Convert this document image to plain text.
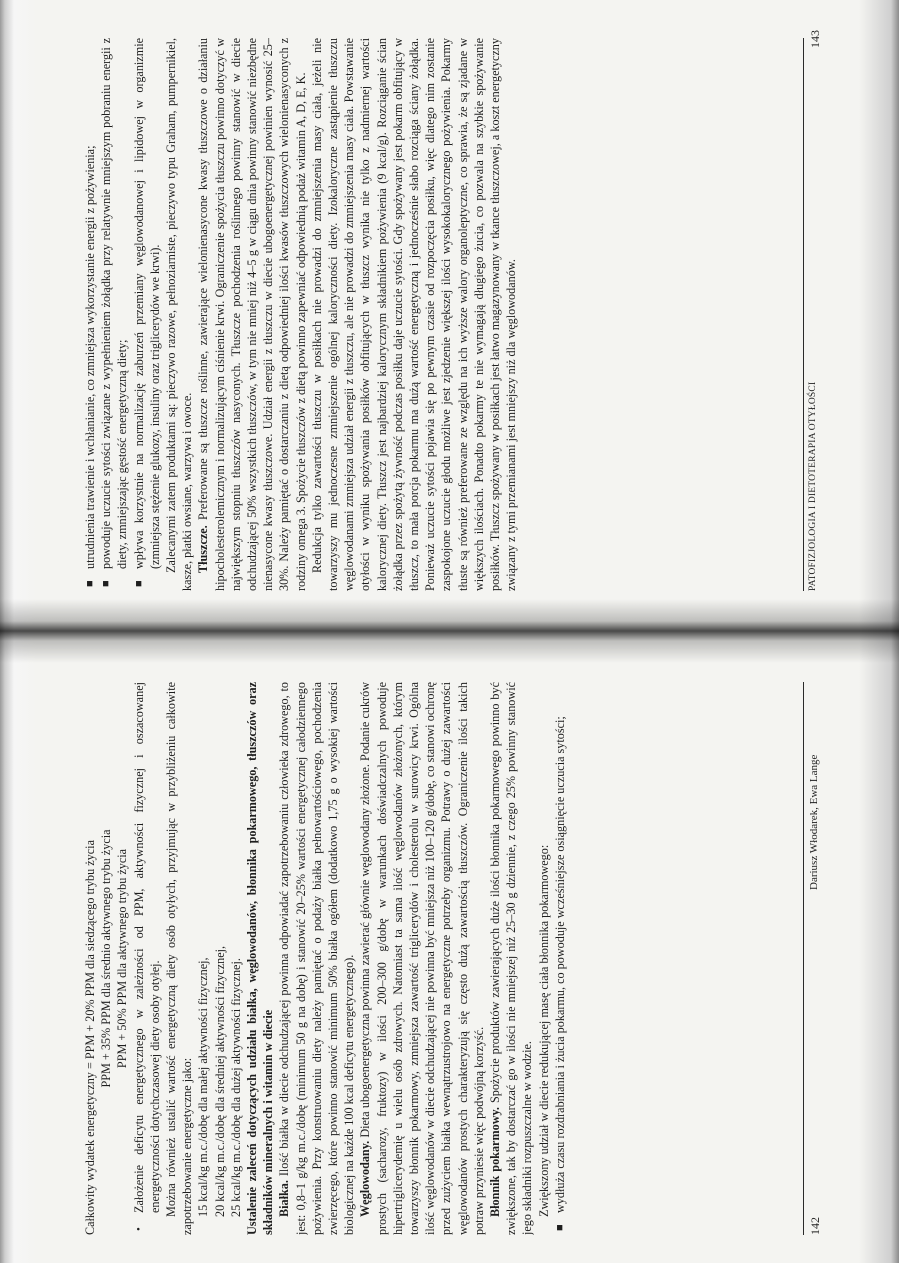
Całkowity wydatek energetyczny = PPM + 20% PPM dla siedzącego trybu życia PPM + 35% PPM dla średnio aktywnego trybu życia PPM + 50% PPM dla aktywnego trybu życia

•
Założenie deficytu energetycznego w zależności od PPM, aktywności fizycznej i oszacowanej energetyczności dotychczasowej diety osoby otyłej. Można również ustalić wartość energetyczną diety osób otyłych, przyjmując w przybliżeniu całkowite zapotrzebowanie energetyczne jako: 15 kcal/kg m.c./dobę dla małej aktywności fizycznej, 20 kcal/kg m.c./dobę dla średniej aktywności fizycznej, 25 kcal/kg m.c./dobę dla dużej aktywności fizycznej. Ustalenie zaleceń dotyczących udziału białka, węglowodanów, błonnika pokarmowego, tłuszczów oraz składników mineralnych i witamin w diecie Białka. Ilość białka w diecie odchudzającej powinna odpowiadać zapotrzebowaniu człowieka zdrowego, to jest: 0,8–1 g/kg m.c./dobę (minimum 50 g na dobę) i stanowić 20–25% wartości energetycznej całodziennego pożywienia. Przy konstruowaniu diety należy pamiętać o podaży białka pełnowartościowego, pochodzenia zwierzęcego, które powinno stanowić minimum 50% białka ogółem (dodatkowo 1,75 g o wysokiej wartości biologicznej na każde 100 kcal deficytu energetycznego). Węglowodany. Dieta ubogoenergetyczna powinna zawierać głównie węglowodany złożone. Podanie cukrów prostych (sacharozy, fruktozy) w ilości 200–300 g/dobę w warunkach doświadczalnych powoduje hipertriglicerydemię u wielu osób zdrowych. Natomiast ta sama ilość węglowodanów złożonych, którym towarzyszy błonnik pokarmowy, zmniejsza zawartość triglicerydów i cholesterolu w surowicy krwi. Ogólna ilość węglowodanów w diecie odchudzającej nie powinna być mniejsza niż 100–120 g/dobę, co stanowi ochronę przed zużyciem białka wewnątrzustrojowo na energetyczne potrzeby organizmu. Potrawy o dużej zawartości węglowodanów prostych charakteryzują się często dużą zawartością tłuszczów. Ograniczenie ilości takich potraw przyniesie więc podwójną korzyść. Błonnik pokarmowy. Spożycie produktów zawierających duże ilości błonnika pokarmowego powinno być zwiększone, tak by dostarczać go w ilości nie mniejszej niż 25–30 g dziennie, z czego 25% powinny stanowić jego składniki rozpuszczalne w wodzie. Zwiększony udział w diecie redukującej masę ciała błonnika pokarmowego:

■
wydłuża czasu rozdrabniania i żucia pokarmu, co powoduje wcześniejsze osiągnięcie uczucia sytości;
142
Dariusz Włodarek, Ewa Lange
■
utrudnienia trawienie i wchłanianie, co zmniejsza wykorzystanie energii z pożywienia;
■
powoduje uczucie sytości związane z wypełnieniem żołądka przy relatywnie mniejszym pobraniu energii z diety, zmniejszając gęstość energetyczną diety;
■
wpływa korzystnie na normalizację zaburzeń przemiany węglowodanowej i lipidowej w organizmie (zmniejsza stężenie glukozy, insuliny oraz triglicerydów we krwi). Zalecanymi zatem produktami są: pieczywo razowe, pełnoziarniste, pieczywo typu Graham, pumpernikiel, kasze, płatki owsiane, warzywa i owoce. Tłuszcze. Preferowane są tłuszcze roślinne, zawierające wielonienasycone kwasy tłuszczowe o działaniu hipocholesterolemicznym i normalizującym ciśnienie krwi. Ograniczenie spożycia tłuszczu powinno dotyczyć w największym stopniu tłuszczów nasyconych. Tłuszcze pochodzenia roślinnego powinny stanowić w diecie odchudzającej 50% wszystkich tłuszczów, w tym nie mniej niż 4–5 g w ciągu dnia powinny stanowić niezbędne nienasycone kwasy tłuszczowe. Udział energii z tłuszczu w diecie ubogoenergetycznej powinien wynosić 25–30%. Należy pamiętać o dostarczaniu z dietą odpowiedniej ilości kwasów tłuszczowych wielonienasyconych z rodziny omega 3. Spożycie tłuszczów z dietą powinno zapewniać odpowiednią podaż witamin A, D, E, K. Redukcja tylko zawartości tłuszczu w posiłkach nie prowadzi do zmniejszenia masy ciała, jeżeli nie towarzyszy mu jednoczesne zmniejszenie ogólnej kaloryczności diety. Izokaloryczne zastąpienie tłuszczu węglowodanami zmniejsza udział energii z tłuszczu, ale nie prowadzi do zmniejszenia masy ciała. Powstawanie otyłości w wyniku spożywania posiłków obfitujących w tłuszcz wynika nie tylko z nadmiernej wartości kalorycznej diety. Tłuszcz jest najbardziej kalorycznym składnikiem pożywienia (9 kcal/g). Rozciąganie ścian żołądka przez spożytą żywność podczas posiłku daje uczucie sytości. Gdy spożywany jest pokarm obfitujący w tłuszcz, to mała porcja pokarmu ma dużą wartość energetyczną i jednocześnie słabo rozciąga ściany żołądka. Ponieważ uczucie sytości pojawia się po pewnym czasie od rozpoczęcia posiłku, więc dlatego nim zostanie zaspokojone uczucie głodu możliwe jest zjedzenie większej ilości wysokokalorycznego pożywienia. Pokarmy tłuste są również preferowane ze względu na ich wyższe walory organoleptyczne, co sprawia, że są zjadane w większych ilościach. Ponadto pokarmy te nie wymagają długiego żucia, co pozwala na szybkie spożywanie posiłków. Tłuszcz spożywany w posiłkach jest łatwo magazynowany w tkance tłuszczowej, a koszt energetyczny związany z tymi przemianami jest mniejszy niż dla węglowodanów.	PATOFIZJOLOGIA I DIETOTERAPIA OTYŁOŚCI
143
